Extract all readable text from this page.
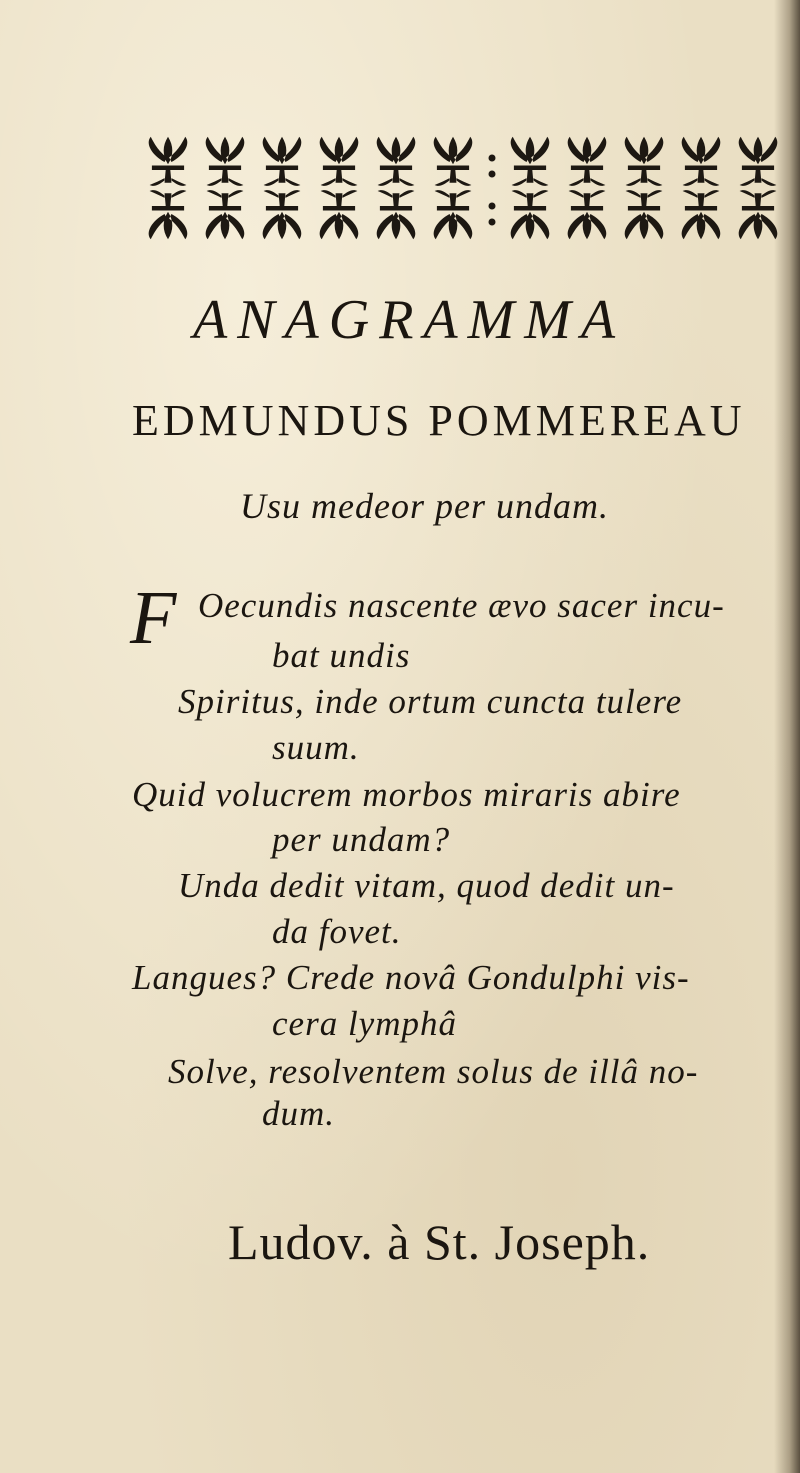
ANAGRAMMA
EDMUNDUS POMMEREAU
Usu medeor per undam.
F Oecundis nascente ævo sacer incu-
bat undis
Spiritus, inde ortum cuncta tulere
suum.
Quid volucrem morbos miraris abire
per undam?
Unda dedit vitam, quod dedit un-
da fovet.
Langues? Crede novâ Gondulphi vis-
cera lymphâ
Solve, resolventem solus de illâ no-
dum.
Ludov. à St. Joseph.
